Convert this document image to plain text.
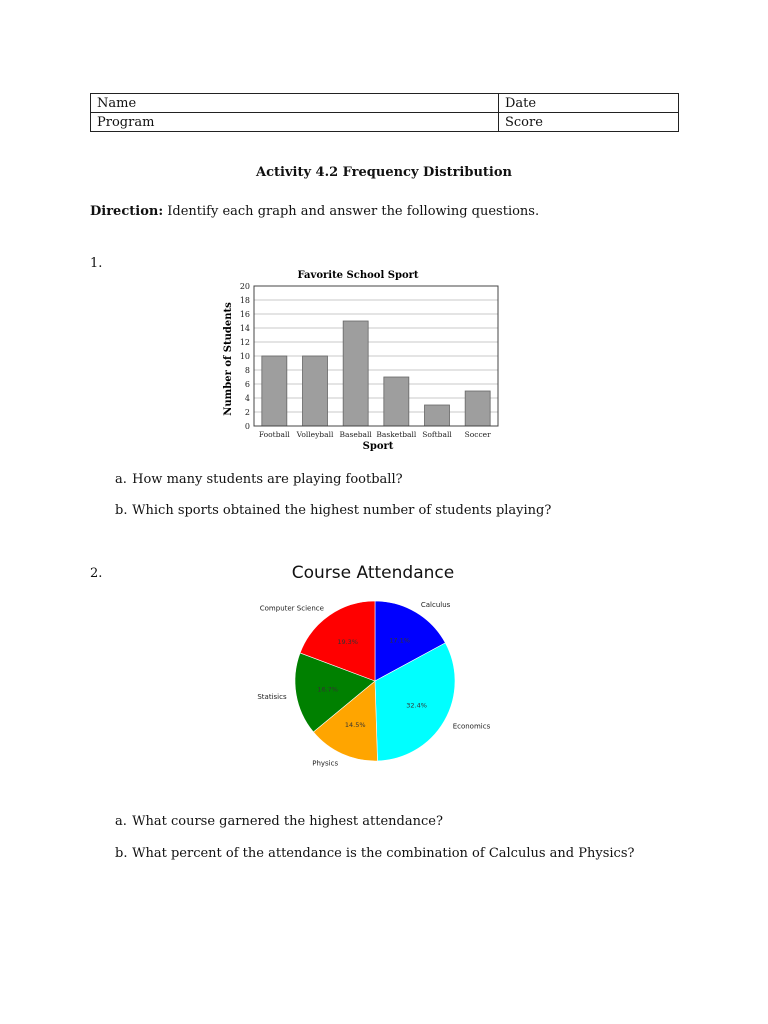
Name	Date
Program	Score
Activity 4.2 Frequency Distribution
Direction: Identify each graph and answer the following questions.
1.
Favorite School Sport
Number of Students
Sport
0
2
4
6
8
10
12
14
16
18
20
Football Volleyball Baseball Basketball Softball Soccer
a. How many students are playing football?
b. Which sports obtained the highest number of students playing?
2.	Course Attendance
17.1%
32.4%
14.5%
16.7%
19.3%
Calculus
Economics
Physics
Statisics
Computer Science
a. What course garnered the highest attendance?
b. What percent of the attendance is the combination of Calculus and Physics?
